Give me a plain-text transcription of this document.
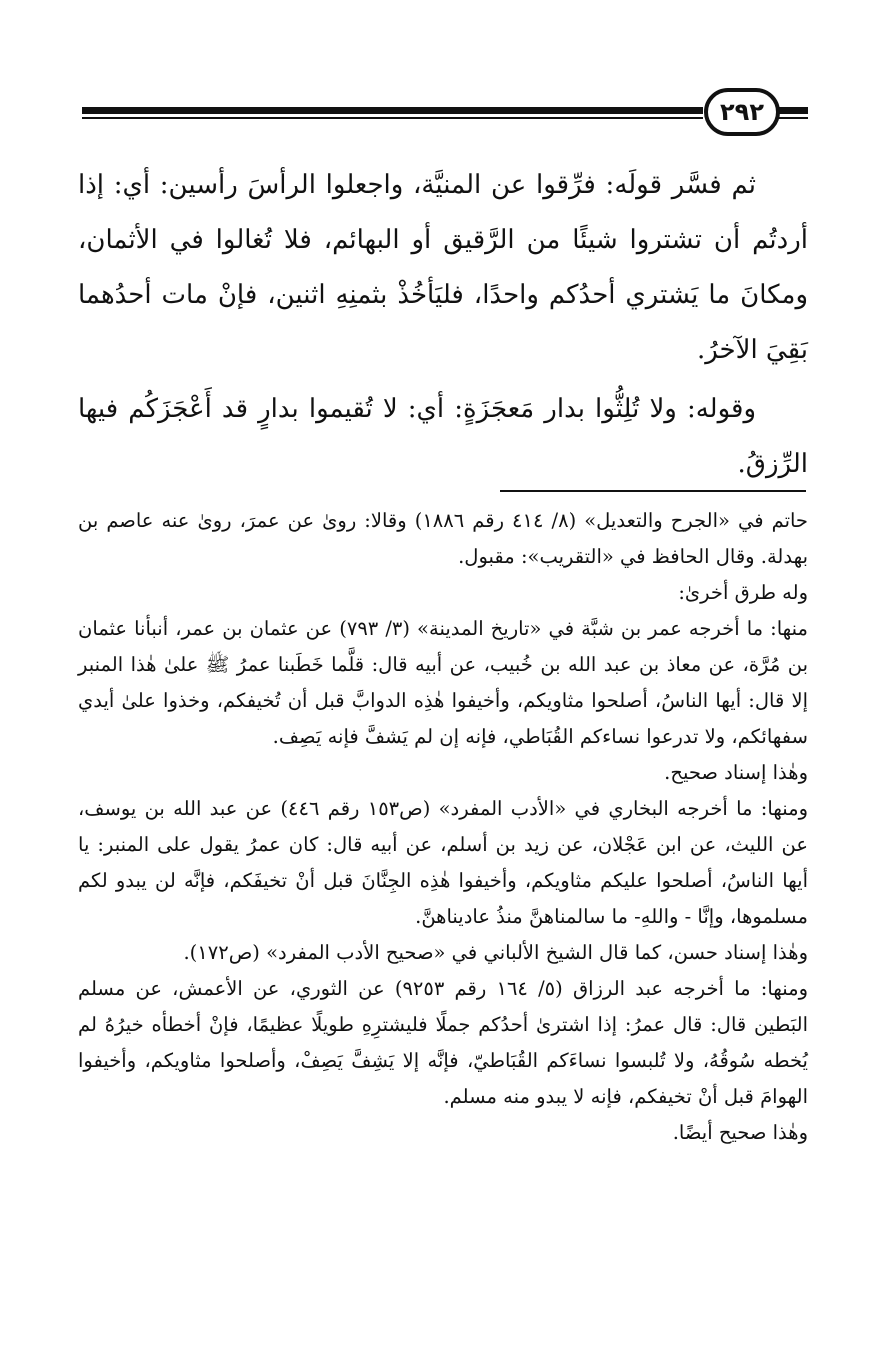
٢٩٢

ثم فسَّر قولَه: فرِّقوا عن المنيَّة، واجعلوا الرأسَ رأسين: أي: إذا أردتُم أن تشتروا شيئًا من الرَّقيق أو البهائم، فلا تُغالوا في الأثمان، ومكانَ ما يَشتري أحدُكم واحدًا، فليَأخُذْ بثمنِهِ اثنين، فإنْ مات أحدُهما بَقِيَ الآخرُ.

وقوله: ولا تُلِثُّوا بدار مَعجَزَةٍ: أي: لا تُقيموا بدارٍ قد أَعْجَزَكُم فيها الرِّزقُ.

حاتم في «الجرح والتعديل» (٨/ ٤١٤ رقم ١٨٨٦) وقالا: روىٰ عن عمرَ، روىٰ عنه عاصم بن بهدلة. وقال الحافظ في «التقريب»: مقبول.

وله طرق أخرىٰ:

منها: ما أخرجه عمر بن شبَّة في «تاريخ المدينة» (٣/ ٧٩٣) عن عثمان بن عمر، أنبأنا عثمان بن مُرَّة، عن معاذ بن عبد الله بن خُبيب، عن أبيه قال: قلَّما خَطَبنا عمرُ ﷺ علىٰ هٰذا المنبر إلا قال: أيها الناسُ، أصلحوا مثاويكم، وأخيفوا هٰذِه الدوابَّ قبل أن تُخيفكم، وخذوا علىٰ أيدي سفهائكم، ولا تدرعوا نساءكم القُبَاطي، فإنه إن لم يَشفَّ فإنه يَصِف.

وهٰذا إسناد صحيح.

ومنها: ما أخرجه البخاري في «الأدب المفرد» (ص١٥٣ رقم ٤٤٦) عن عبد الله بن يوسف، عن الليث، عن ابن عَجْلان، عن زيد بن أسلم، عن أبيه قال: كان عمرُ يقول على المنبر: يا أيها الناسُ، أصلحوا عليكم مثاويكم، وأخيفوا هٰذِه الجِنَّانَ قبل أنْ تخيفَكم، فإنَّه لن يبدو لكم مسلموها، وإنَّا - واللهِ- ما سالمناهنَّ منذُ عاديناهنَّ.

وهٰذا إسناد حسن، كما قال الشيخ الألباني في «صحيح الأدب المفرد» (ص١٧٢).

ومنها: ما أخرجه عبد الرزاق (٥/ ١٦٤ رقم ٩٢٥٣) عن الثوري، عن الأعمش، عن مسلم البَطين قال: قال عمرُ: إذا اشترىٰ أحدُكم جملًا فليشترِهِ طويلًا عظيمًا، فإنْ أخطأه خيرُهُ لم يُخطه سُوقُهُ، ولا تُلبسوا نساءَكم القُبَاطيّ، فإنَّه إلا يَشِفَّ يَصِفْ، وأصلحوا مثاويكم، وأخيفوا الهوامَ قبل أنْ تخيفكم، فإنه لا يبدو منه مسلم.

وهٰذا صحيح أيضًا.
